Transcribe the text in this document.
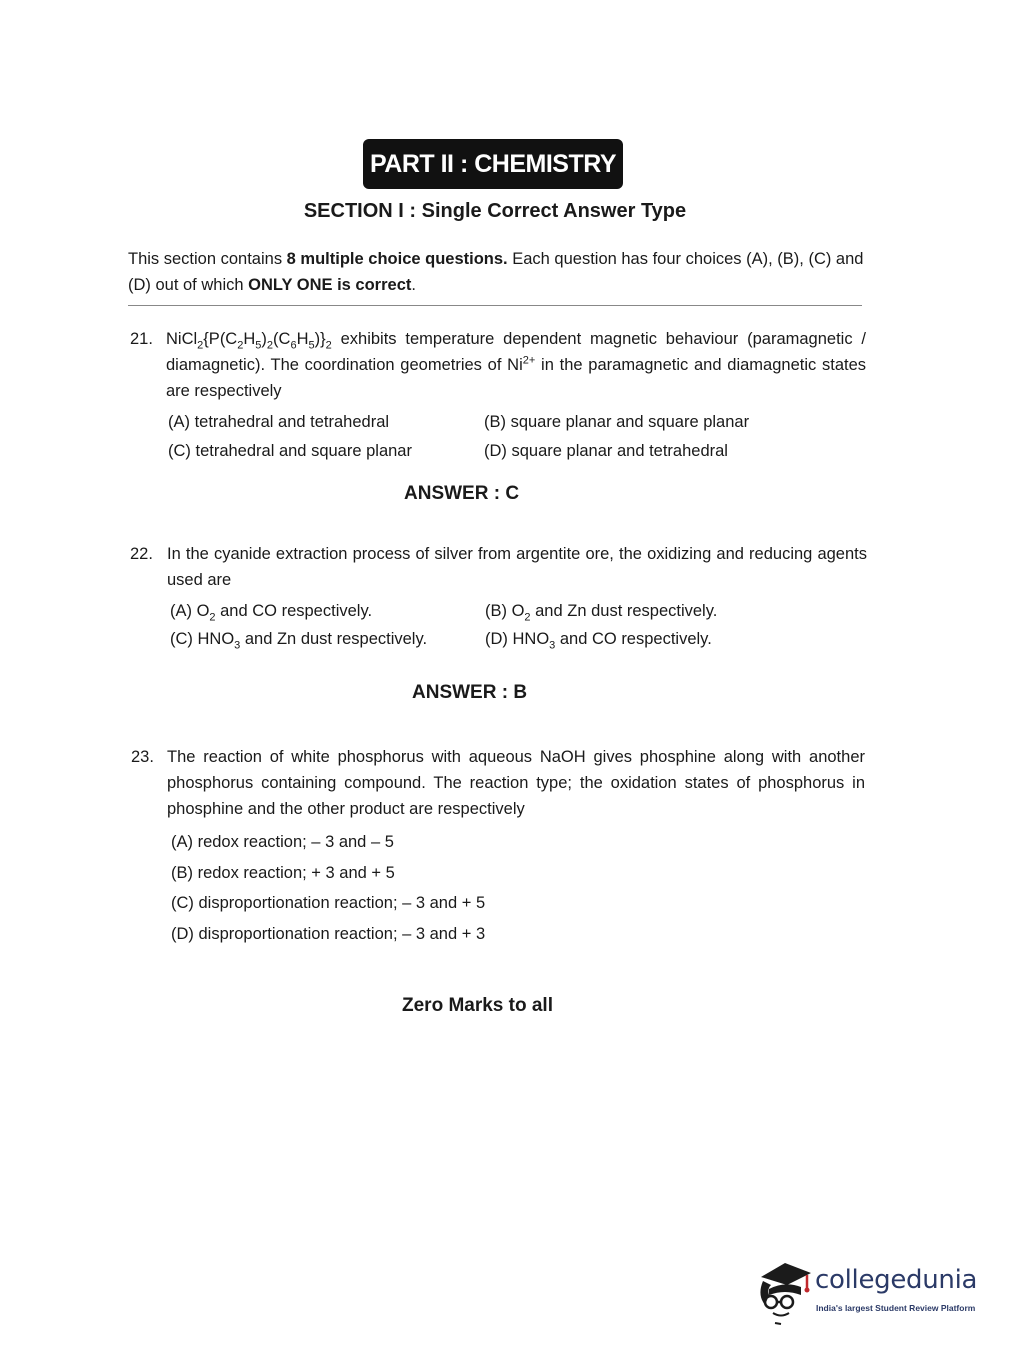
PART II : CHEMISTRY
SECTION I : Single Correct Answer Type
This section contains 8 multiple choice questions. Each question has four choices (A), (B), (C) and (D) out of which ONLY ONE is correct.
21. $NiCl_2\{P(C_2H_5)_2(C_6H_5)\}_2$ exhibits temperature dependent magnetic behaviour (paramagnetic / diamagnetic). The coordination geometries of $Ni^{2+}$ in the paramagnetic and diamagnetic states are respectively
(A) tetrahedral and tetrahedral	(B) square planar and square planar
(C) tetrahedral and square planar	(D) square planar and tetrahedral
ANSWER : C
22. In the cyanide extraction process of silver from argentite ore, the oxidizing and reducing agents used are
(A) $O_2$ and CO respectively.	(B) $O_2$ and Zn dust respectively.
(C) $HNO_3$ and Zn dust respectively.	(D) $HNO_3$ and CO respectively.
ANSWER : B
23. The reaction of white phosphorus with aqueous NaOH gives phosphine along with another phosphorus containing compound. The reaction type; the oxidation states of phosphorus in phosphine and the other product are respectively
(A) redox reaction; – 3 and – 5
(B) redox reaction; + 3 and + 5
(C) disproportionation reaction; – 3 and + 5
(D) disproportionation reaction; – 3 and + 3
Zero Marks to all
collegedunia
India's largest Student Review Platform
